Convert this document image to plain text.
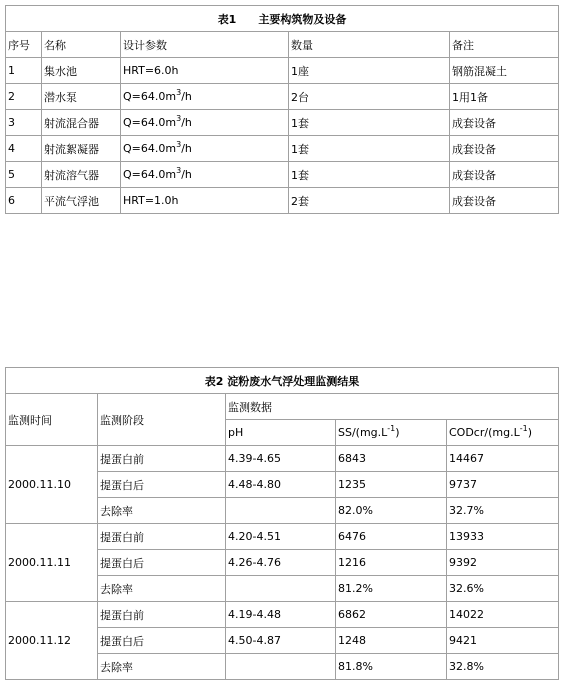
表1　　主要构筑物及设备				
序号	名称	设计参数	数量	备注
1	集水池	HRT=6.0h	1座	钢筋混凝土
2	潜水泵	$Q=64.0m^3/h$	2台	1用1备
3	射流混合器	$Q=64.0m^3/h$	1套	成套设备
4	射流絮凝器	$Q=64.0m^3/h$	1套	成套设备
5	射流溶气器	$Q=64.0m^3/h$	1套	成套设备
6	平流气浮池	HRT=1.0h	2套	成套设备
表2 淀粉废水气浮处理监测结果				
监测时间	监测阶段	监测数据		
		pH	$SS/(mg.L^{-1})$	CODcr/$(mg.L^{-1})$
2000.11.10	提蛋白前	4.39-4.65	6843	14467
	提蛋白后	4.48-4.80	1235	9737
	去除率		82.0%	32.7%
2000.11.11	提蛋白前	4.20-4.51	6476	13933
	提蛋白后	4.26-4.76	1216	9392
	去除率		81.2%	32.6%
2000.11.12	提蛋白前	4.19-4.48	6862	14022
	提蛋白后	4.50-4.87	1248	9421
	去除率		81.8%	32.8%
